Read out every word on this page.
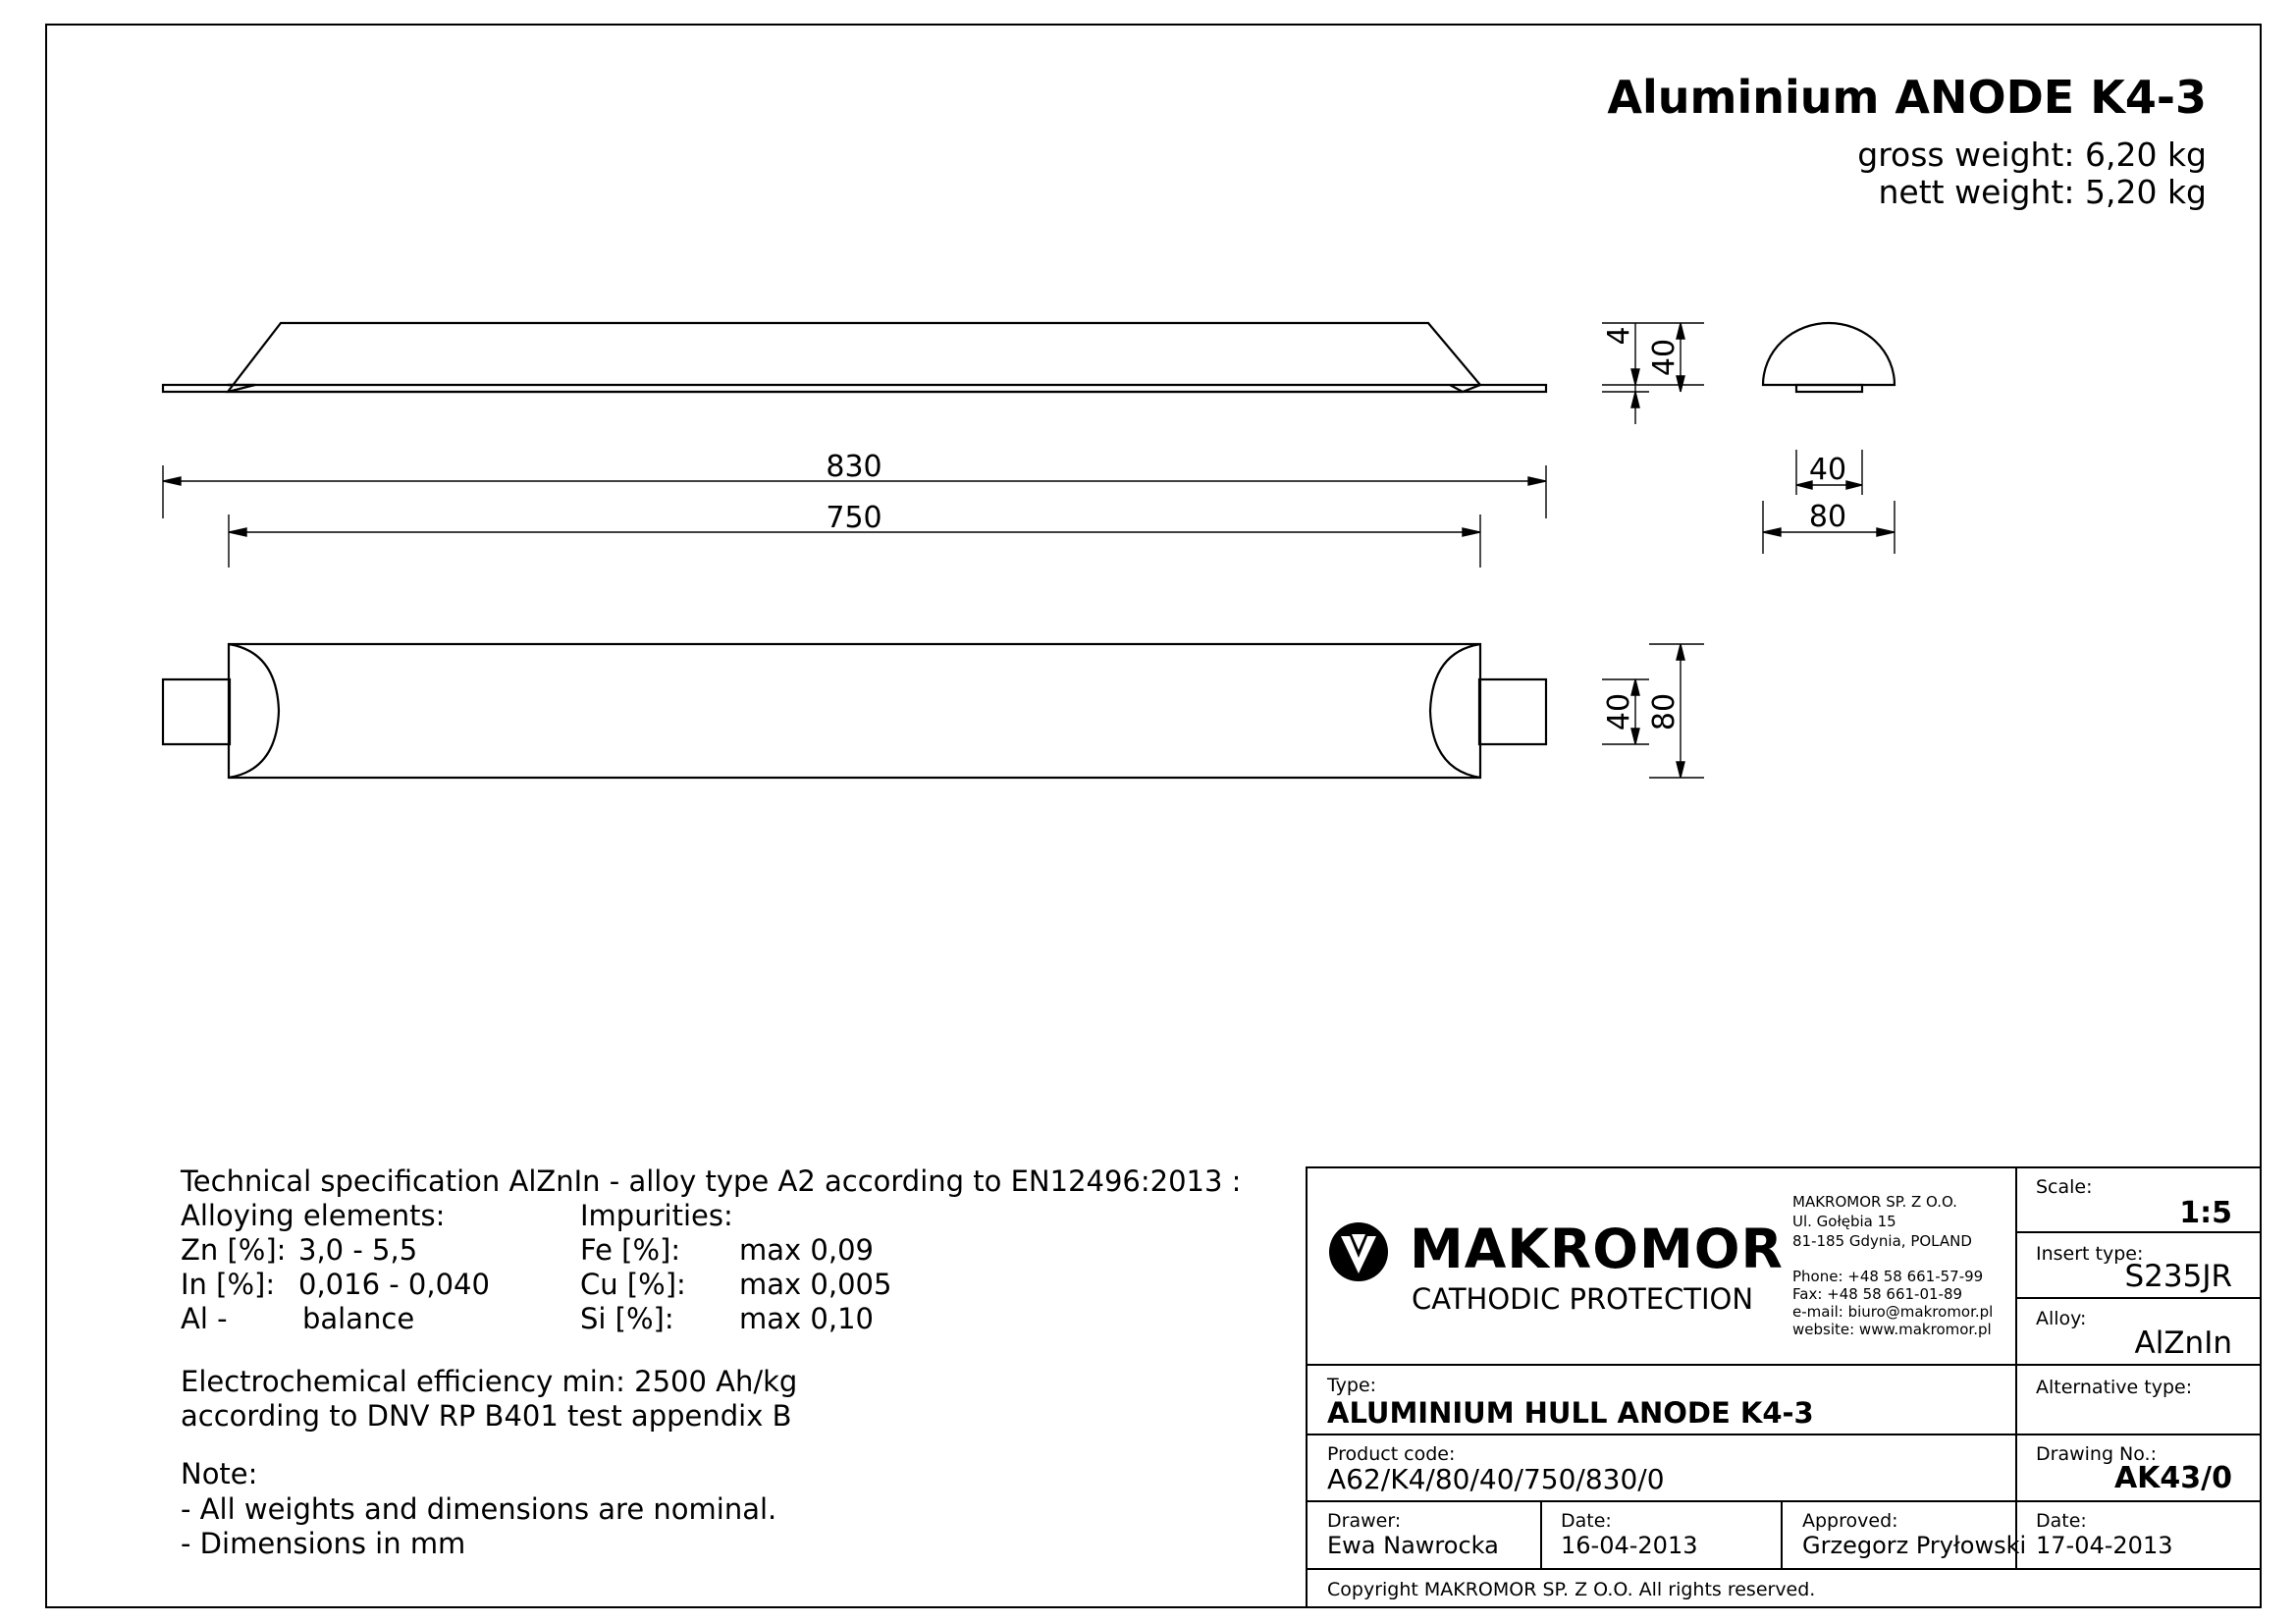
Aluminium ANODE K4-3
gross weight: 6,20 kg
nett weight: 5,20 kg
830
750
40
80
4
40
40 80
Technical specification AlZnIn - alloy type A2 according to EN12496:2013 :
Alloying elements:	Impurities:
Zn [%]: 3,0 - 5,5
In [%]: 0,016 - 0,040
Al -	balance
Fe [%]: max 0,09
Cu [%]: max 0,005
Si [%]: max 0,10
Electrochemical efficiency min: 2500 Ah/kg
according to DNV RP B401 test appendix B
Note:
- All weights and dimensions are nominal.
- Dimensions in mm
MAKROMOR
CATHODIC PROTECTION
MAKROMOR SP. Z O.O.
Ul. Gołębia 15
81-185 Gdynia, POLAND
Phone: +48 58 661-57-99
Fax: +48 58 661-01-89
e-mail: biuro@makromor.pl
website: www.makromor.pl
Scale:
1:5
Insert type:
S235JR
Alloy:
AlZnIn
Alternative type:
Drawing No.:
AK43/0
Type:
ALUMINIUM HULL ANODE K4-3
Product code:
A62/K4/80/40/750/830/0
Drawer:
Ewa Nawrocka
Date:
16-04-2013
Approved:
Grzegorz Pryłowski
Date:
17-04-2013
Copyright MAKROMOR SP. Z O.O. All rights reserved.
